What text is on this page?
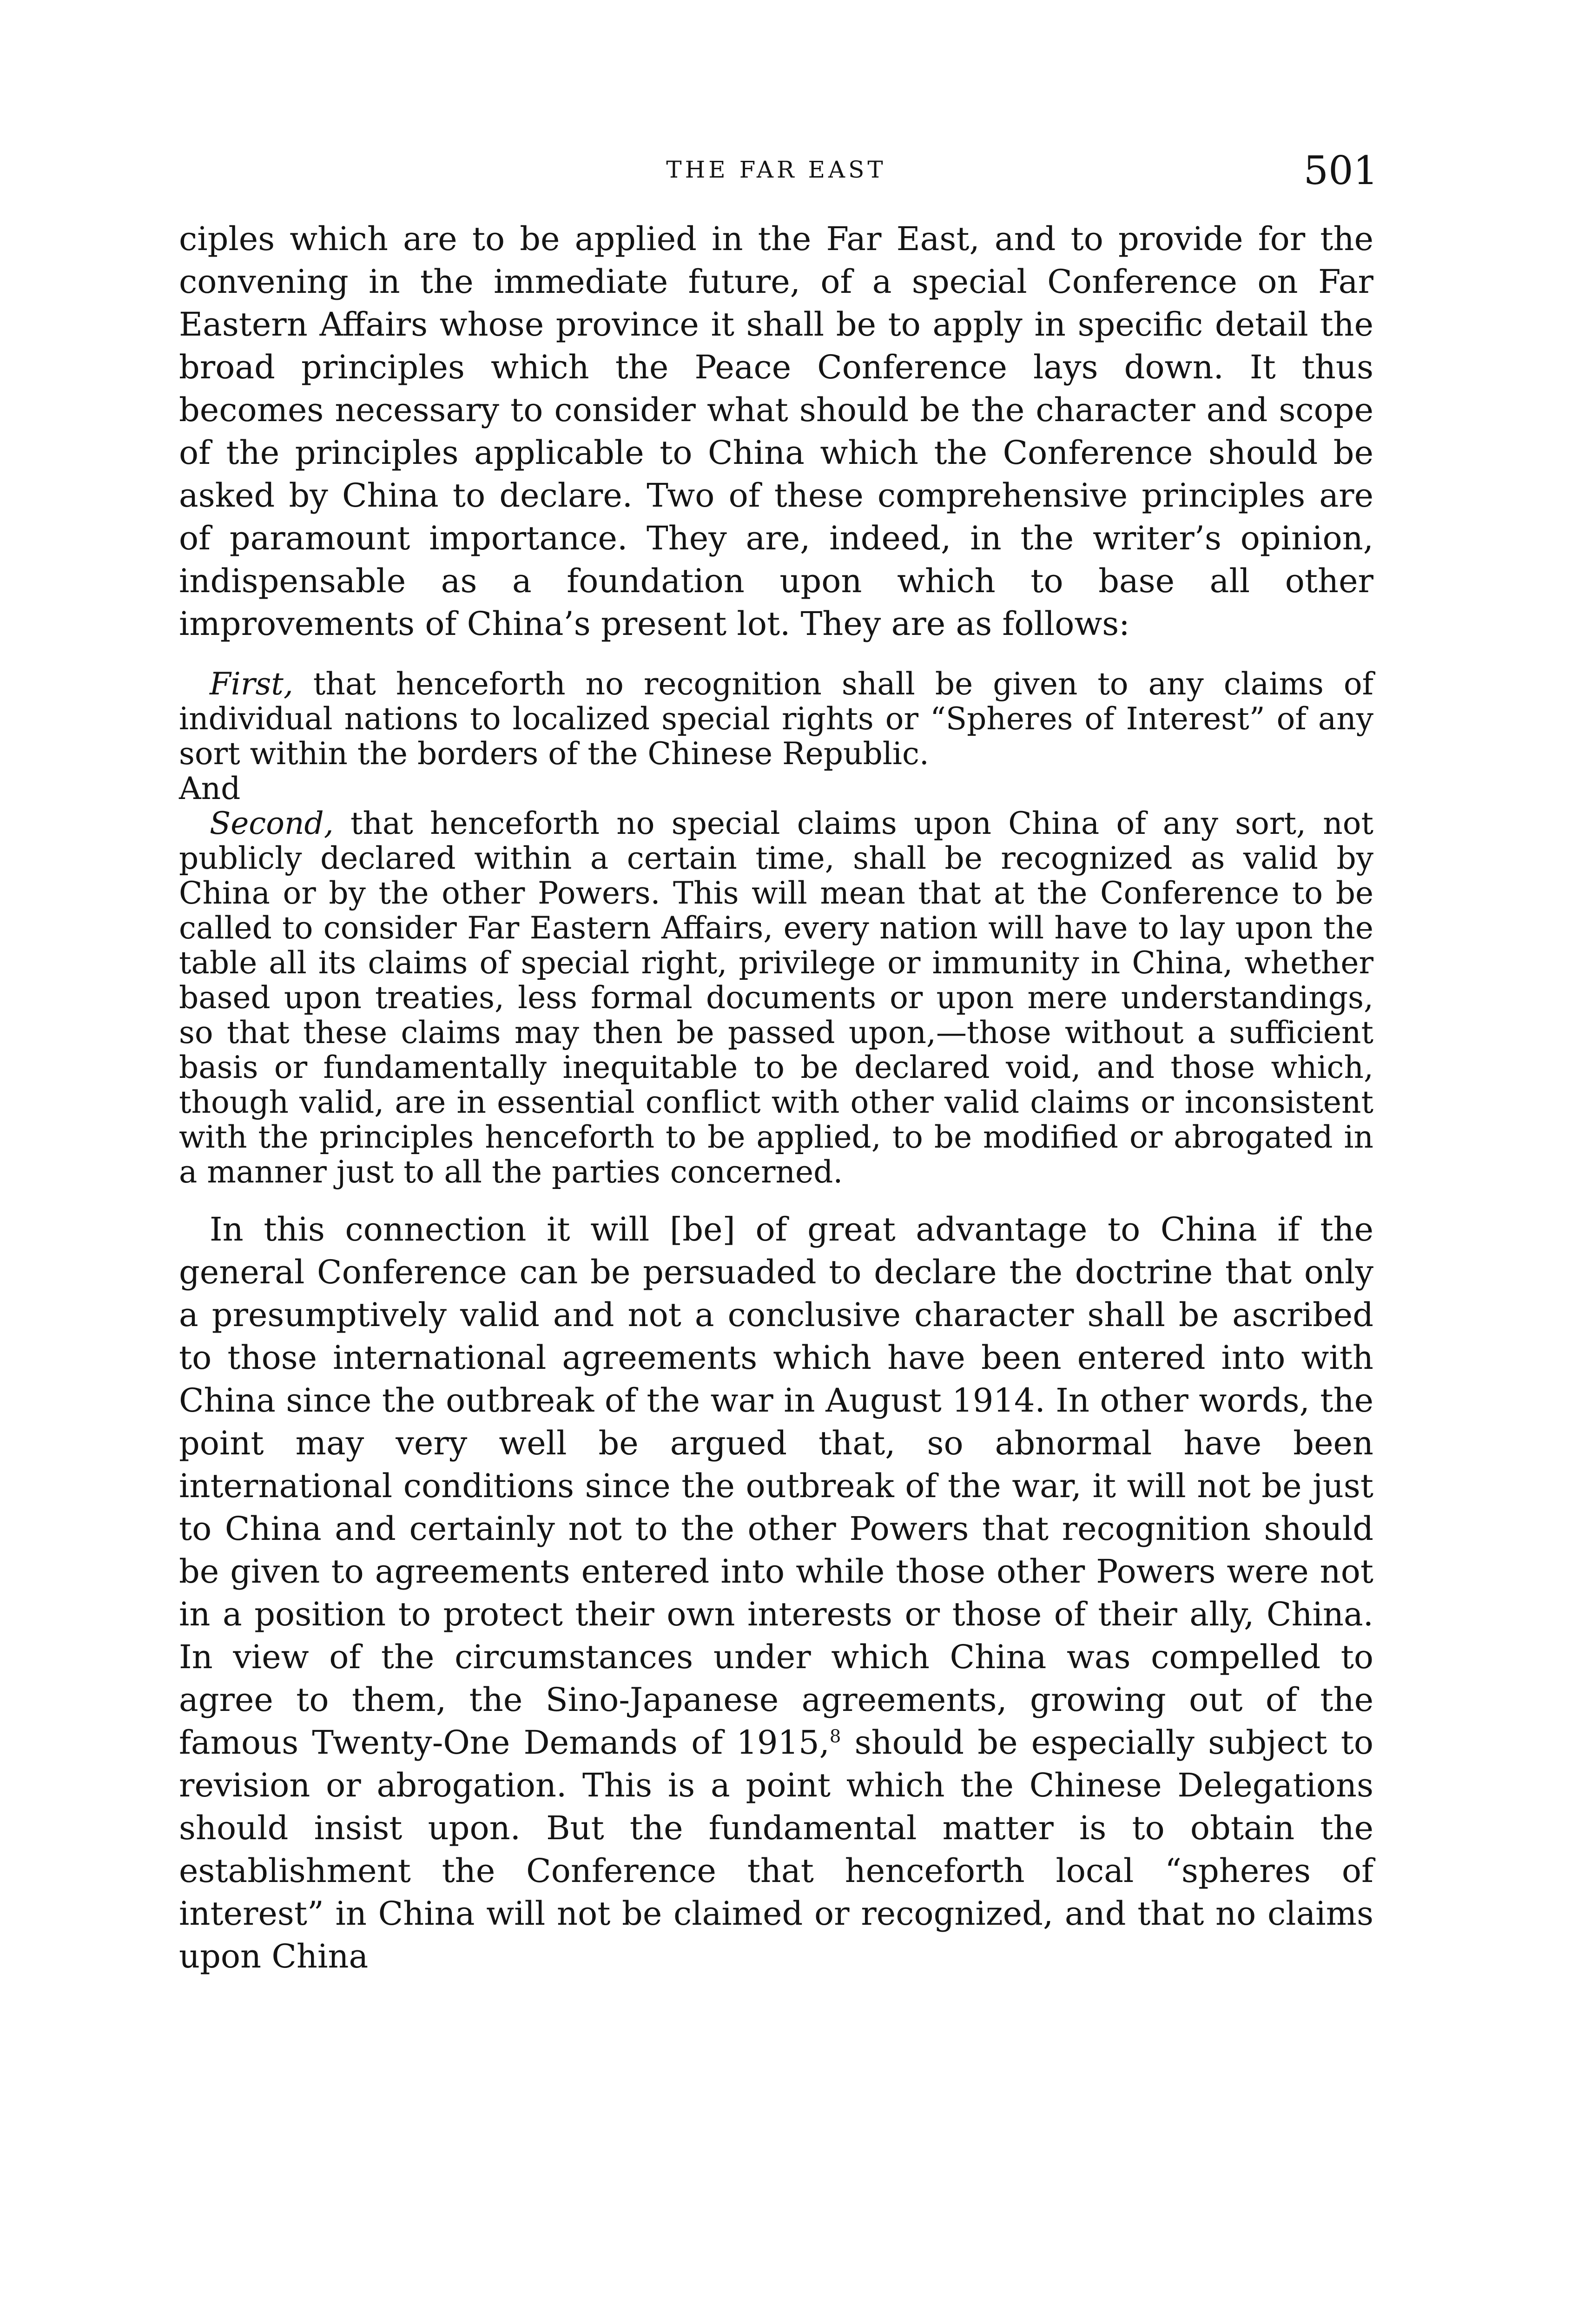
THE FAR EAST	501

ciples which are to be applied in the Far East, and to provide for the convening in the immediate future, of a special Conference on Far Eastern Affairs whose province it shall be to apply in specific detail the broad principles which the Peace Conference lays down. It thus becomes necessary to consider what should be the character and scope of the principles applicable to China which the Conference should be asked by China to declare. Two of these comprehensive principles are of paramount importance. They are, indeed, in the writer’s opinion, indispensable as a foundation upon which to base all other improvements of China’s present lot. They are as follows:

First, that henceforth no recognition shall be given to any claims of individual nations to localized special rights or “Spheres of Interest” of any sort within the borders of the Chinese Republic.

And

Second, that henceforth no special claims upon China of any sort, not publicly declared within a certain time, shall be recognized as valid by China or by the other Powers. This will mean that at the Conference to be called to consider Far Eastern Affairs, every nation will have to lay upon the table all its claims of special right, privilege or immunity in China, whether based upon treaties, less formal documents or upon mere understandings, so that these claims may then be passed upon,—those without a sufficient basis or fundamentally inequitable to be declared void, and those which, though valid, are in essential conflict with other valid claims or inconsistent with the principles henceforth to be applied, to be modified or abrogated in a manner just to all the parties concerned.

In this connection it will [be] of great advantage to China if the general Conference can be persuaded to declare the doctrine that only a presumptively valid and not a conclusive character shall be ascribed to those international agreements which have been entered into with China since the outbreak of the war in August 1914. In other words, the point may very well be argued that, so abnormal have been international conditions since the outbreak of the war, it will not be just to China and certainly not to the other Powers that recognition should be given to agreements entered into while those other Powers were not in a position to protect their own interests or those of their ally, China. In view of the circumstances under which China was compelled to agree to them, the Sino-Japanese agreements, growing out of the famous Twenty-One Demands of 1915,$^8$ should be especially subject to revision or abrogation. This is a point which the Chinese Delegations should insist upon. But the fundamental matter is to obtain the establishment the Conference that henceforth local “spheres of interest” in China will not be claimed or recognized, and that no claims upon China
